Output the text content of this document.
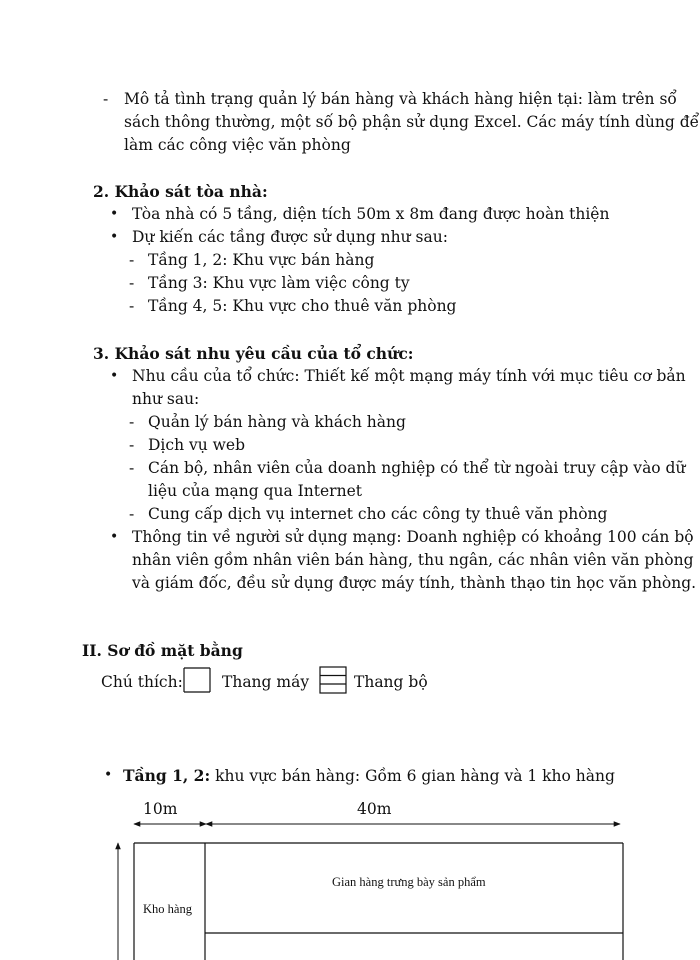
- Mô tả tình trạng quản lý bán hàng và khách hàng hiện tại: làm trên sổ
sách thông thường, một số bộ phận sử dụng Excel. Các máy tính dùng để
làm các công việc văn phòng
2. Khảo sát tòa nhà:
• Tòa nhà có 5 tầng, diện tích 50m x 8m đang được hoàn thiện
• Dự kiến các tầng được sử dụng như sau:
- Tầng 1, 2: Khu vực bán hàng
- Tầng 3: Khu vực làm việc công ty
- Tầng 4, 5: Khu vực cho thuê văn phòng
3. Khảo sát nhu yêu cầu của tổ chức:
• Nhu cầu của tổ chức: Thiết kế một mạng máy tính với mục tiêu cơ bản
như sau:
- Quản lý bán hàng và khách hàng
- Dịch vụ web
- Cán bộ, nhân viên của doanh nghiệp có thể từ ngoài truy cập vào dữ
liệu của mạng qua Internet
- Cung cấp dịch vụ internet cho các công ty thuê văn phòng
• Thông tin về người sử dụng mạng: Doanh nghiệp có khoảng 100 cán bộ
nhân viên gồm nhân viên bán hàng, thu ngân, các nhân viên văn phòng
và giám đốc, đều sử dụng được máy tính, thành thạo tin học văn phòng.
II. Sơ đồ mặt bằng
Chú thích:	Thang máy	Thang bộ
• Tầng 1, 2: khu vực bán hàng: Gồm 6 gian hàng và 1 kho hàng
10m	40m
Kho hàng
Gian hàng trưng bày sản phẩm
